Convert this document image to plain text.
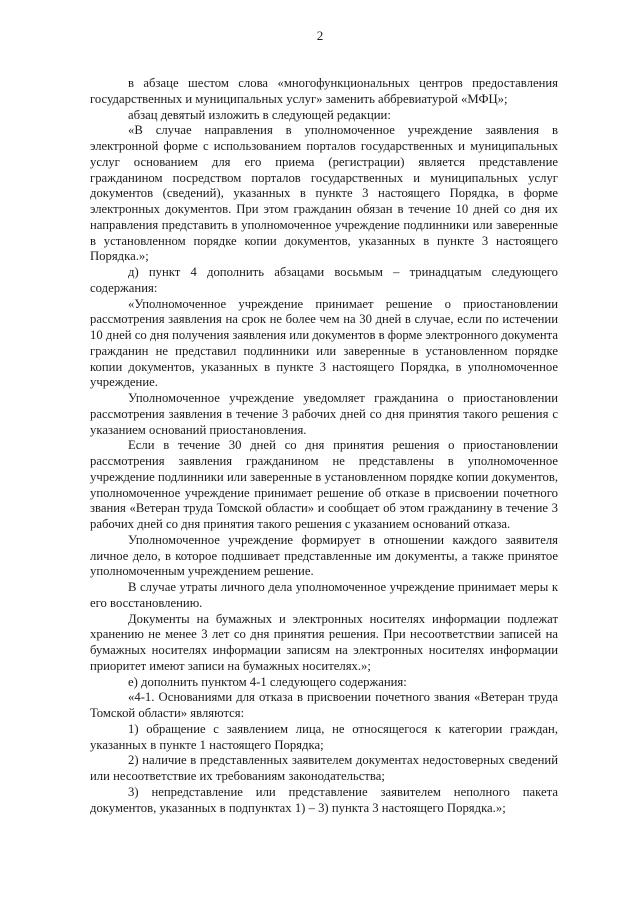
2

в абзаце шестом слова «многофункциональных центров предоставления государственных и муниципальных услуг» заменить аббревиатурой «МФЦ»;

абзац девятый изложить в следующей редакции:

«В случае направления в уполномоченное учреждение заявления в электронной форме с использованием порталов государственных и муниципальных услуг основанием для его приема (регистрации) является представление гражданином посредством порталов государственных и муниципальных услуг документов (сведений), указанных в пункте 3 настоящего Порядка, в форме электронных документов. При этом гражданин обязан в течение 10 дней со дня их направления представить в уполномоченное учреждение подлинники или заверенные в установленном порядке копии документов, указанных в пункте 3 настоящего Порядка.»;

д) пункт 4 дополнить абзацами восьмым – тринадцатым следующего содержания:

«Уполномоченное учреждение принимает решение о приостановлении рассмотрения заявления на срок не более чем на 30 дней в случае, если по истечении 10 дней со дня получения заявления или документов в форме электронного документа гражданин не представил подлинники или заверенные в установленном порядке копии документов, указанных в пункте 3 настоящего Порядка, в уполномоченное учреждение.

Уполномоченное учреждение уведомляет гражданина о приостановлении рассмотрения заявления в течение 3 рабочих дней со дня принятия такого решения с указанием оснований приостановления.

Если в течение 30 дней со дня принятия решения о приостановлении рассмотрения заявления гражданином не представлены в уполномоченное учреждение подлинники или заверенные в установленном порядке копии документов, уполномоченное учреждение принимает решение об отказе в присвоении почетного звания «Ветеран труда Томской области» и сообщает об этом гражданину в течение 3 рабочих дней со дня принятия такого решения с указанием оснований отказа.

Уполномоченное учреждение формирует в отношении каждого заявителя личное дело, в которое подшивает представленные им документы, а также принятое уполномоченным учреждением решение.

В случае утраты личного дела уполномоченное учреждение принимает меры к его восстановлению.

Документы на бумажных и электронных носителях информации подлежат хранению не менее 3 лет со дня принятия решения. При несоответствии записей на бумажных носителях информации записям на электронных носителях информации приоритет имеют записи на бумажных носителях.»;

е) дополнить пунктом 4-1 следующего содержания:

«4-1. Основаниями для отказа в присвоении почетного звания «Ветеран труда Томской области» являются:

1) обращение с заявлением лица, не относящегося к категории граждан, указанных в пункте 1 настоящего Порядка;

2) наличие в представленных заявителем документах недостоверных сведений или несоответствие их требованиям законодательства;

3) непредставление или представление заявителем неполного пакета документов, указанных в подпунктах 1) – 3) пункта 3 настоящего Порядка.»;
